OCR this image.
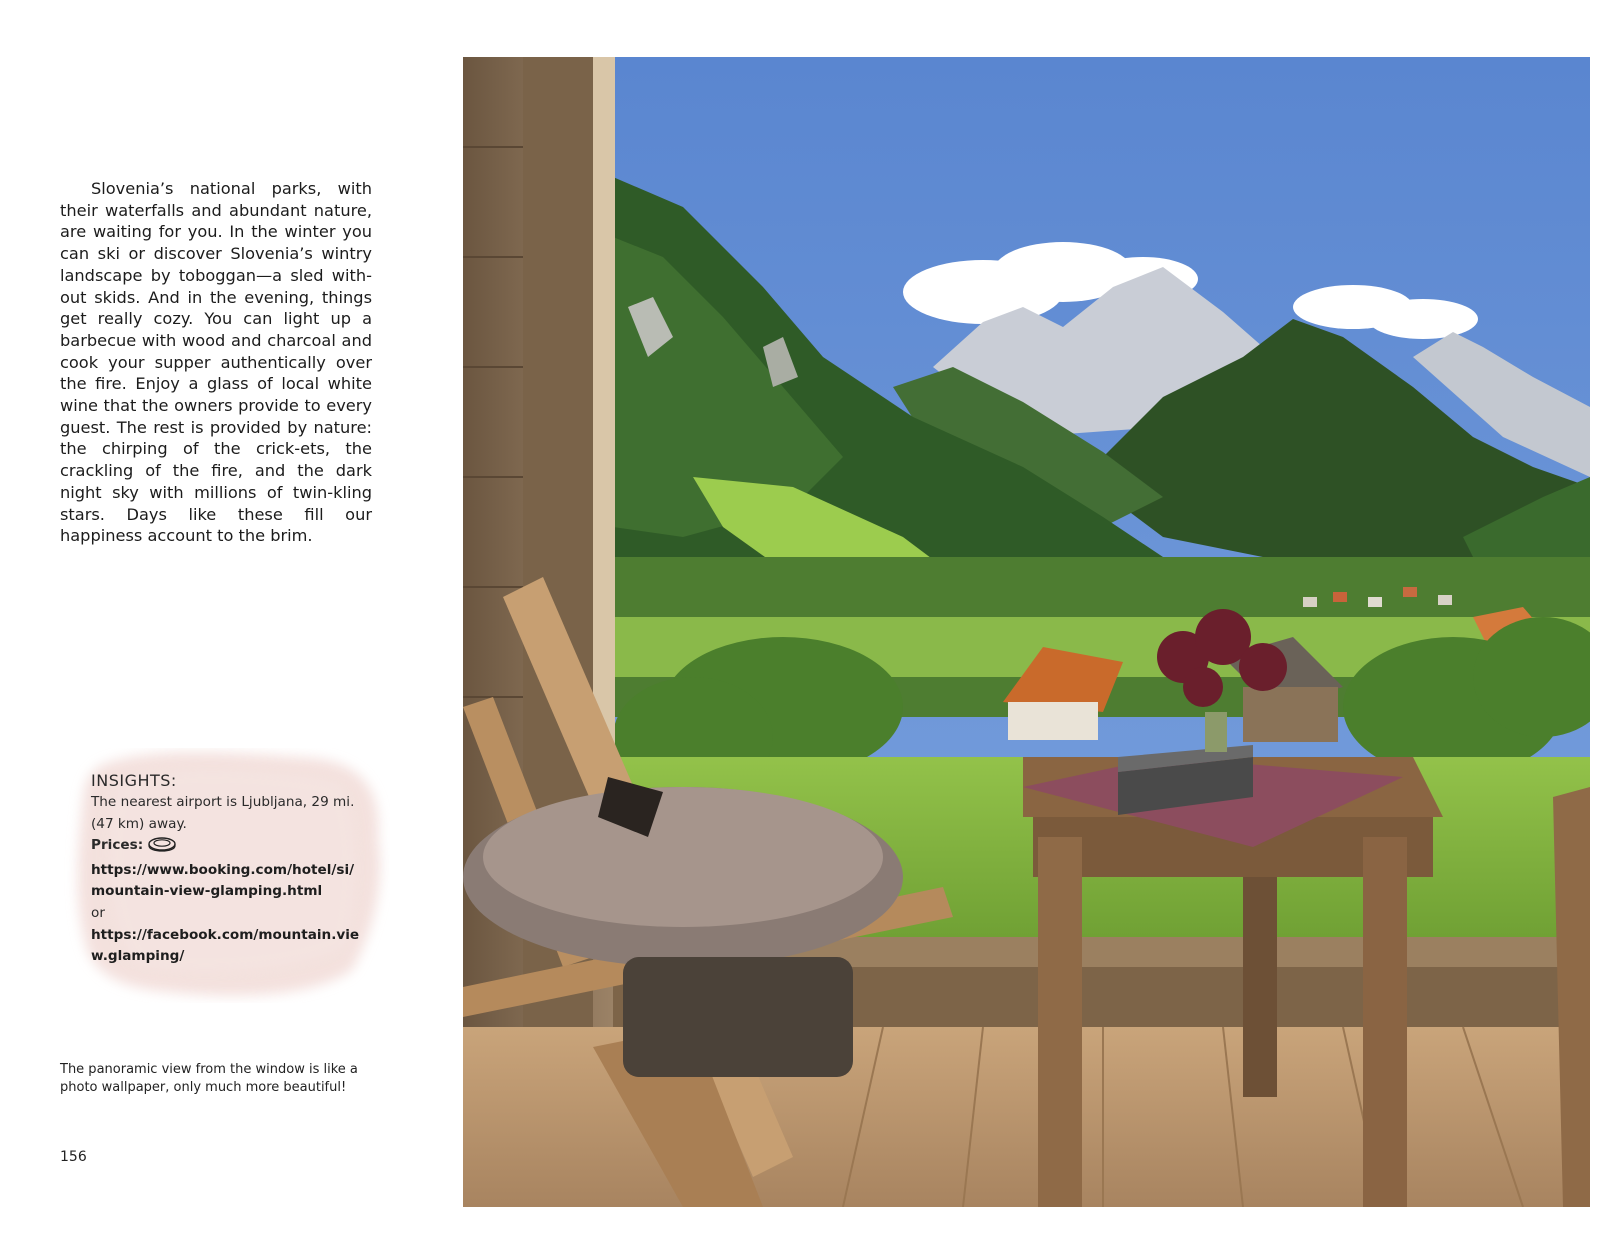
Slovenia’s national parks, with their waterfalls and abundant nature, are waiting for you. In the winter you can ski or discover Slovenia’s wintry landscape by toboggan—a sled with-out skids. And in the evening, things get really cozy. You can light up a barbecue with wood and charcoal and cook your supper authentically over the fire. Enjoy a glass of local white wine that the owners provide to every guest. The rest is provided by nature: the chirping of the crick-ets, the crackling of the fire, and the dark night sky with millions of twin-kling stars. Days like these fill our happiness account to the brim.

INSIGHTS:
The nearest airport is Ljubljana, 29 mi. (47 km) away.
Prices:
https://www.booking.com/hotel/si/mountain-view-glamping.html
or
https://facebook.com/mountain.view.glamping/
The panoramic view from the window is like a photo wallpaper, only much more beautiful!
156
